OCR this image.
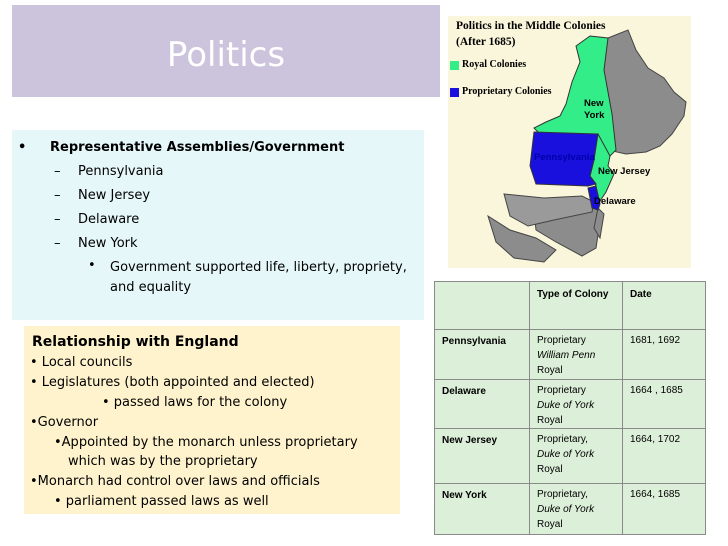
Politics
• Representative Assemblies/Government
– Pennsylvania
– New Jersey
– Delaware
– New York
• Government supported life, liberty, propriety, and equality
Relationship with England
• Local councils
• Legislatures (both appointed and elected)
• passed laws for the colony
•Governor
•Appointed by the monarch unless proprietary
which was by the proprietary
•Monarch had control over laws and officials
• parliament passed laws as well
Politics in the Middle Colonies
(After 1685)
Royal Colonies
Proprietary Colonies
New
York
Pennsylvania
New Jersey
Delaware
	Type of Colony	Date
Pennsylvania	Proprietary
William Penn
Royal	1681, 1692
Delaware	Proprietary
Duke of York
Royal	1664 , 1685
New Jersey	Proprietary,
Duke of York
Royal	1664, 1702
New York	Proprietary,
Duke of York
Royal	1664, 1685
